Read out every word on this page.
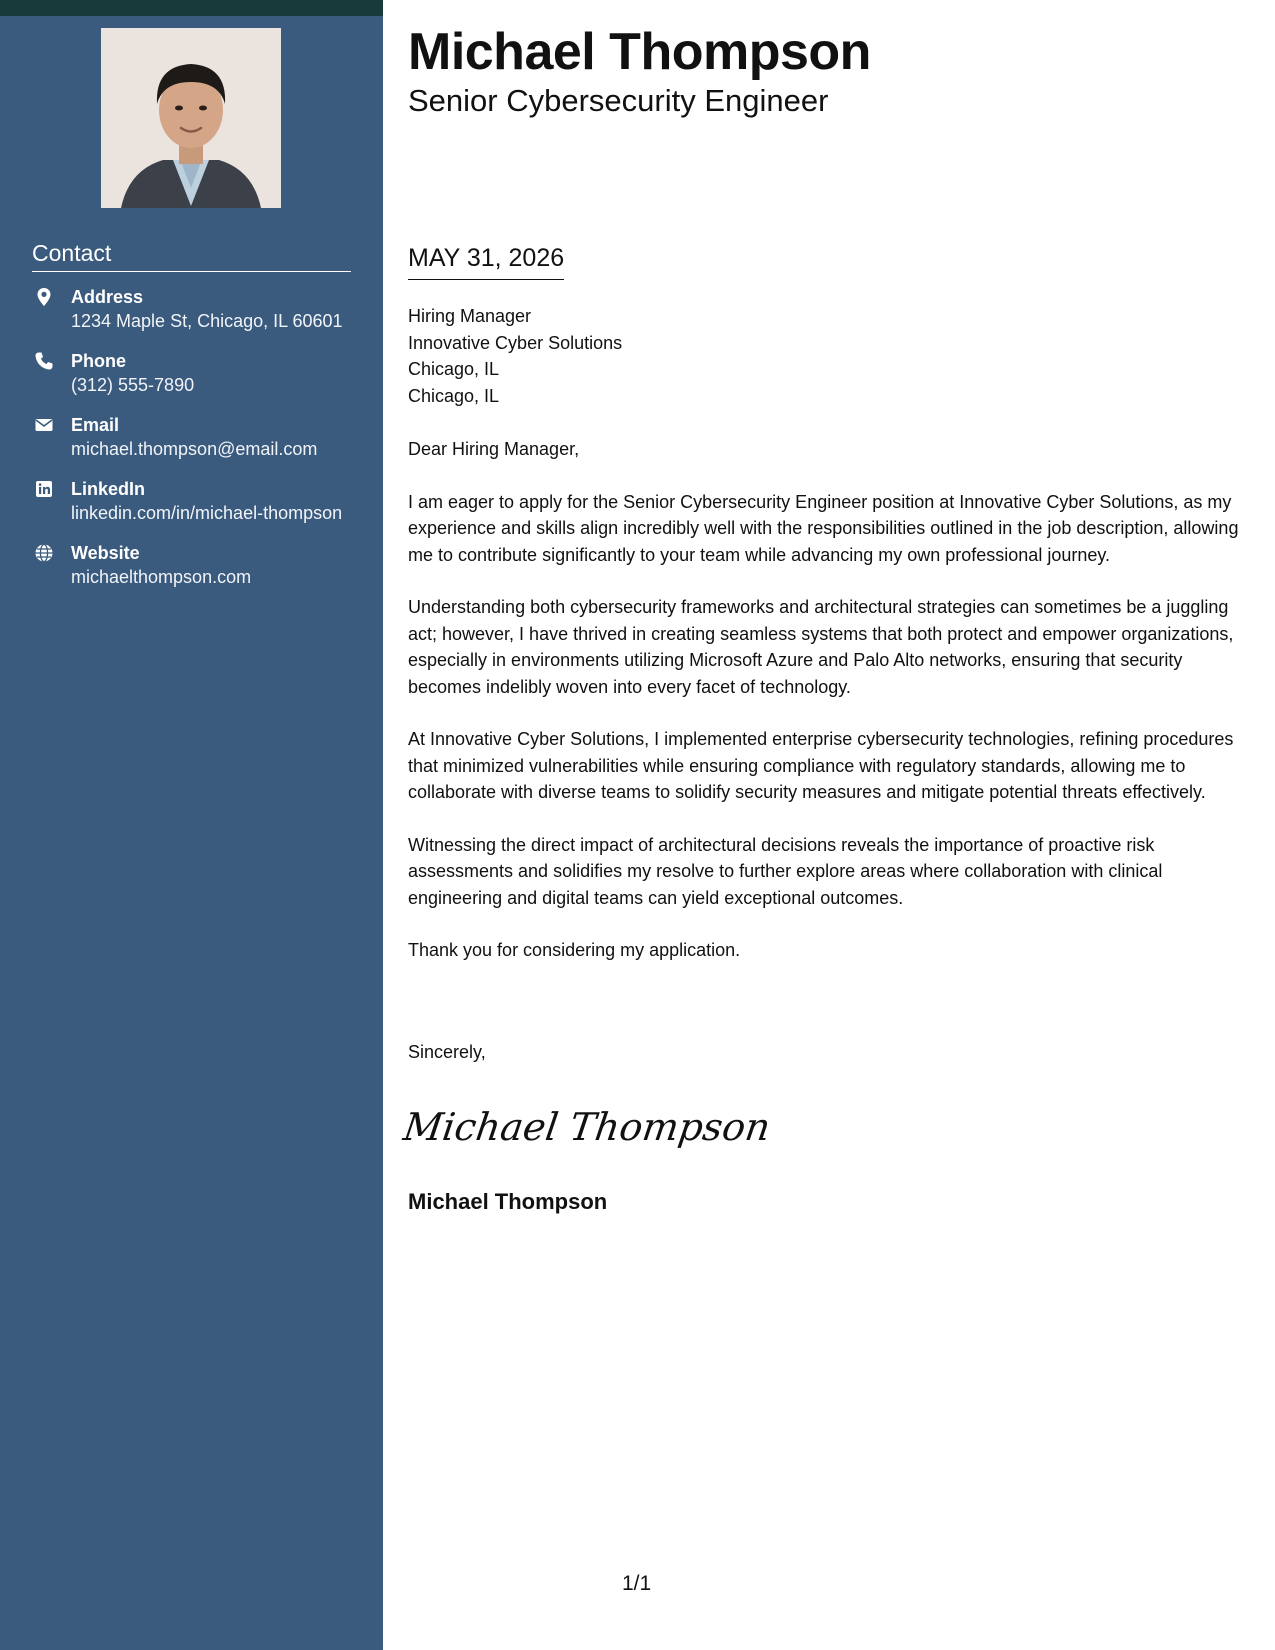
Contact
Address
1234 Maple St, Chicago, IL 60601
Phone
(312) 555-7890
Email
michael.thompson@email.com
LinkedIn
linkedin.com/in/michael-thompson
Website
michaelthompson.com
Michael Thompson
Senior Cybersecurity Engineer
MAY 31, 2026
Hiring Manager
Innovative Cyber Solutions
Chicago, IL
Chicago, IL

Dear Hiring Manager,

I am eager to apply for the Senior Cybersecurity Engineer position at Innovative Cyber Solutions, as my experience and skills align incredibly well with the responsibilities outlined in the job description, allowing me to contribute significantly to your team while advancing my own professional journey.

Understanding both cybersecurity frameworks and architectural strategies can sometimes be a juggling act; however, I have thrived in creating seamless systems that both protect and empower organizations, especially in environments utilizing Microsoft Azure and Palo Alto networks, ensuring that security becomes indelibly woven into every facet of technology.

At Innovative Cyber Solutions, I implemented enterprise cybersecurity technologies, refining procedures that minimized vulnerabilities while ensuring compliance with regulatory standards, allowing me to collaborate with diverse teams to solidify security measures and mitigate potential threats effectively.

Witnessing the direct impact of architectural decisions reveals the importance of proactive risk assessments and solidifies my resolve to further explore areas where collaboration with clinical engineering and digital teams can yield exceptional outcomes.

Thank you for considering my application.

Sincerely,
Michael Thompson
Michael Thompson
1/1
